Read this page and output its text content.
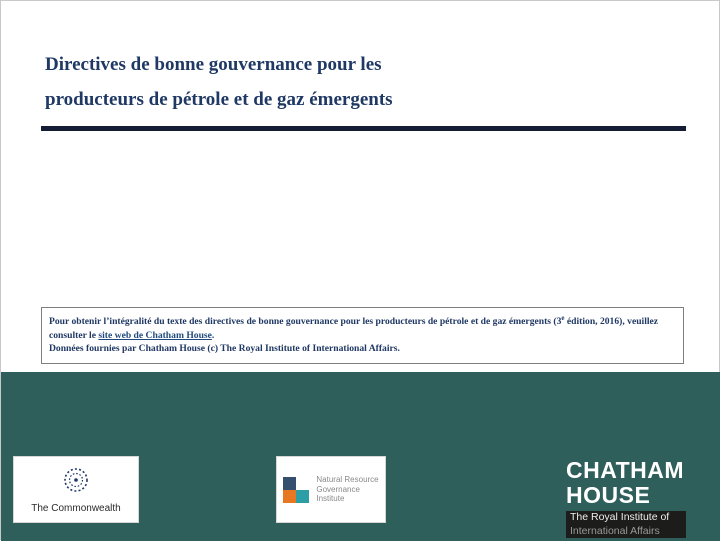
Directives de bonne gouvernance pour les
producteurs de pétrole et de gaz émergents
Pour obtenir l’intégralité du texte des directives de bonne gouvernance pour les producteurs de pétrole et de gaz émergents (3e édition, 2016), veuillez consulter le site web de Chatham House.
Données fournies par Chatham House (c) The Royal Institute of International Affairs.
The Commonwealth
Natural Resource
Governance
Institute
CHATHAM
HOUSE
The Royal Institute of
International Affairs
